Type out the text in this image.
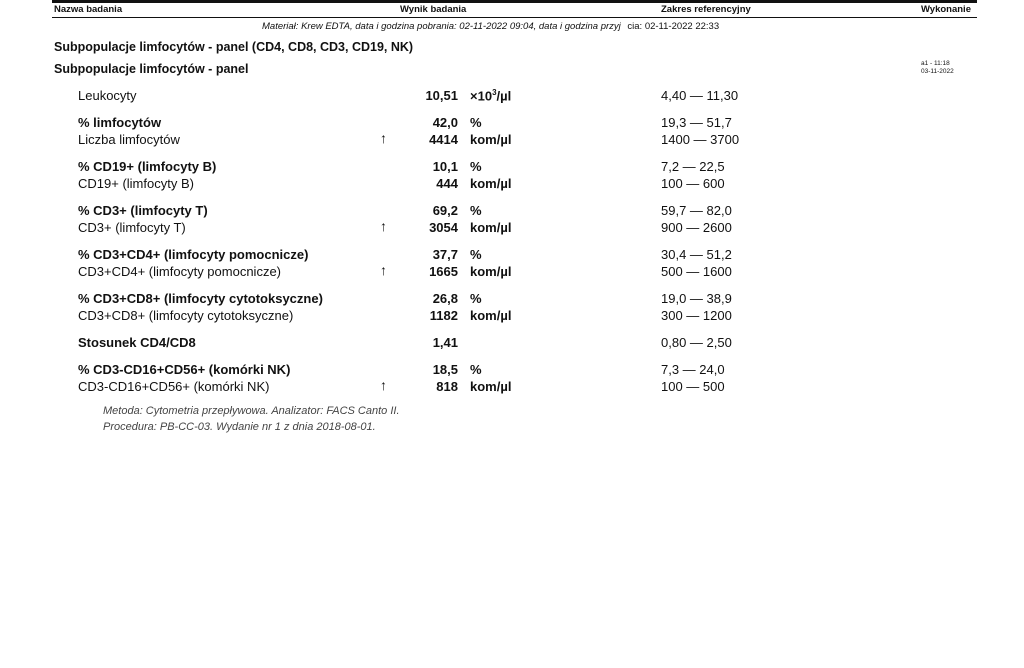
Nazwa badania	Wynik badania	Zakres referencyjny	Wykonanie
Materiał: Krew EDTA, data i godzina pobrania: 02-11-2022 09:04, data i godzina przyj cia: 02-11-2022 22:33
Subpopulacje limfocytów - panel (CD4, CD8, CD3, CD19, NK)
Subpopulacje limfocytów - panel	a1 - 11:18
03-11-2022
Leukocyty	$10,51 \times 10^3/\mu l$	4,40 — 11,30
% limfocytów	42,0 %	19,3 — 51,7
Liczba limfocytów	↑	4414 kom/µl	1400 — 3700
% CD19+ (limfocyty B)	10,1 %	7,2 — 22,5
CD19+ (limfocyty B)	444 kom/µl	100 — 600
% CD3+ (limfocyty T)	69,2 %	59,7 — 82,0
CD3+ (limfocyty T)	↑	3054 kom/µl	900 — 2600
% CD3+CD4+ (limfocyty pomocnicze)	37,7 %	30,4 — 51,2
CD3+CD4+ (limfocyty pomocnicze)	↑	1665 kom/µl	500 — 1600
% CD3+CD8+ (limfocyty cytotoksyczne)	26,8 %	19,0 — 38,9
CD3+CD8+ (limfocyty cytotoksyczne)	1182 kom/µl	300 — 1200
Stosunek CD4/CD8	1,41	0,80 — 2,50
% CD3-CD16+CD56+ (komórki NK)	18,5 %	7,3 — 24,0
CD3-CD16+CD56+ (komórki NK)	↑	818 kom/µl	100 — 500
Metoda: Cytometria przepływowa. Analizator: FACS Canto II.
Procedura: PB-CC-03. Wydanie nr 1 z dnia 2018-08-01.
